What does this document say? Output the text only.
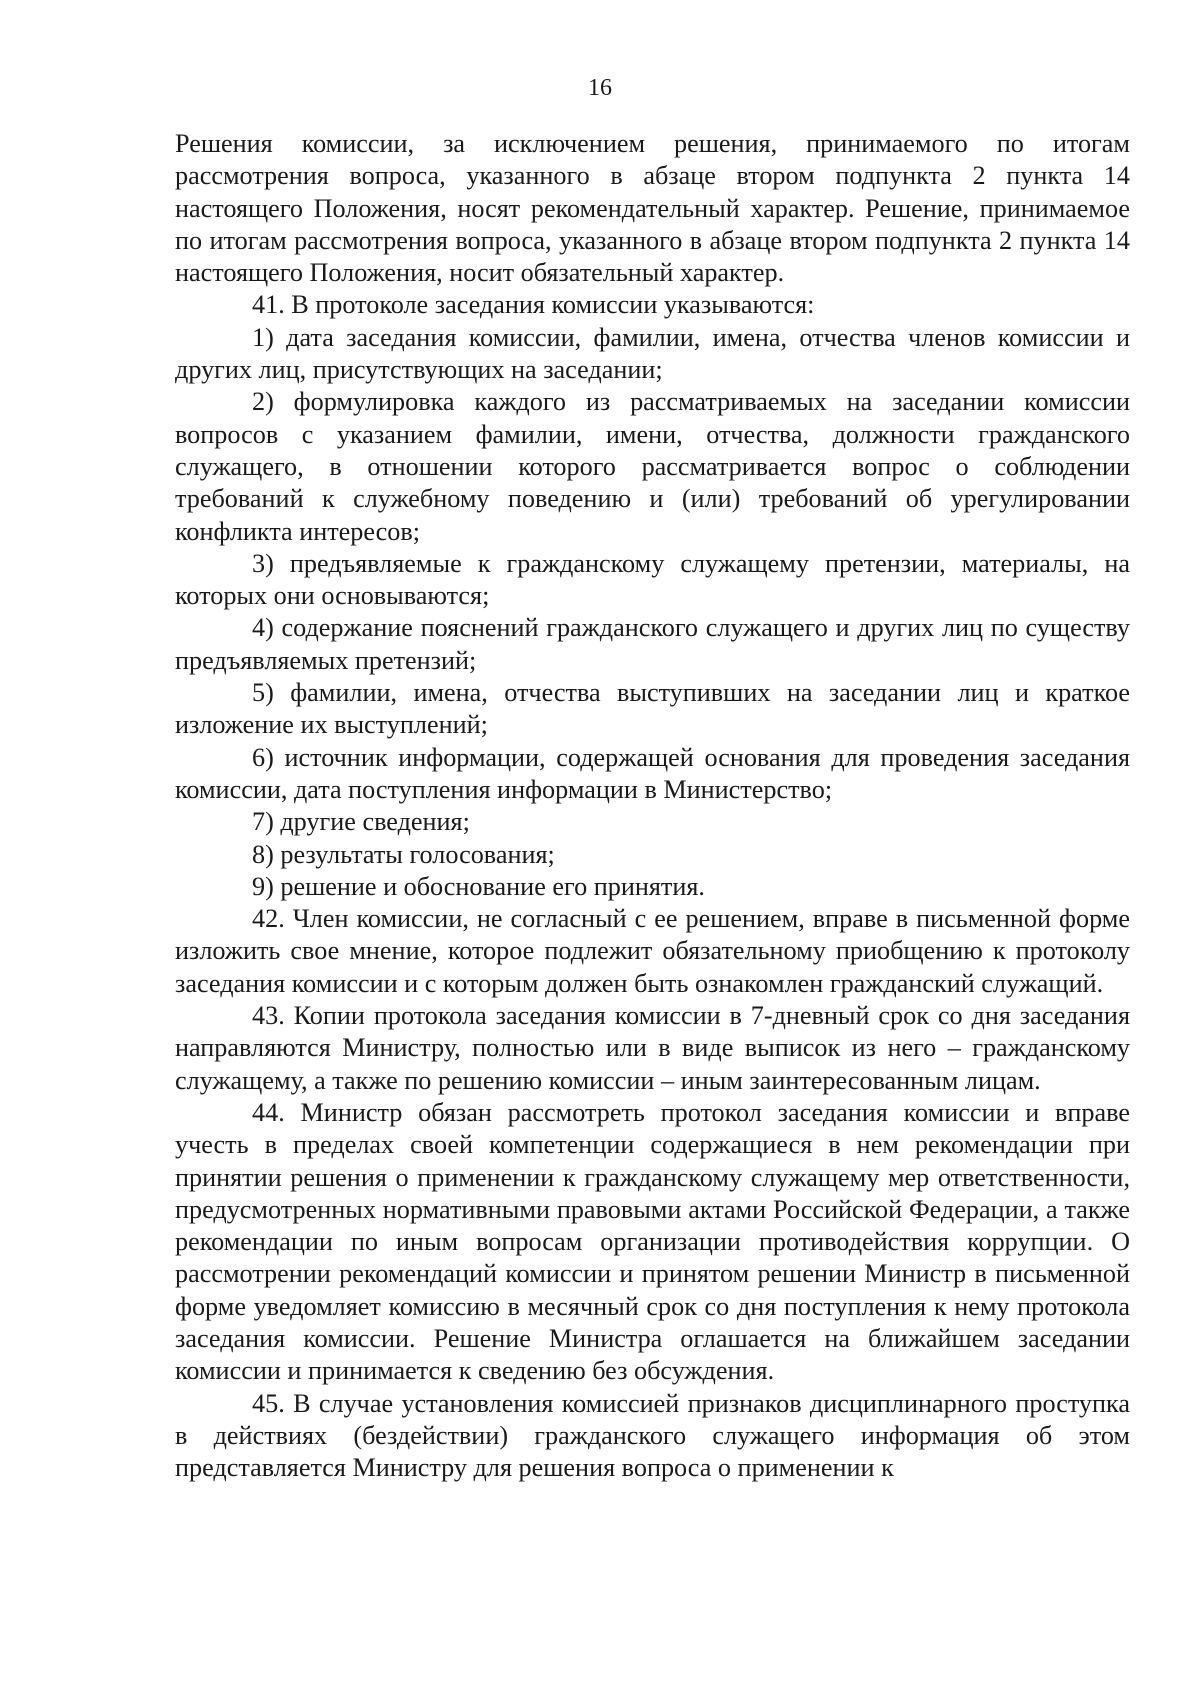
16

Решения комиссии, за исключением решения, принимаемого по итогам рассмотрения вопроса, указанного в абзаце втором подпункта 2 пункта 14 настоящего Положения, носят рекомендательный характер. Решение, принимаемое по итогам рассмотрения вопроса, указанного в абзаце втором подпункта 2 пункта 14 настоящего Положения, носит обязательный характер.

41. В протоколе заседания комиссии указываются:

1) дата заседания комиссии, фамилии, имена, отчества членов комиссии и других лиц, присутствующих на заседании;

2) формулировка каждого из рассматриваемых на заседании комиссии вопросов с указанием фамилии, имени, отчества, должности гражданского служащего, в отношении которого рассматривается вопрос о соблюдении требований к служебному поведению и (или) требований об урегулировании конфликта интересов;

3) предъявляемые к гражданскому служащему претензии, материалы, на которых они основываются;

4) содержание пояснений гражданского служащего и других лиц по существу предъявляемых претензий;

5) фамилии, имена, отчества выступивших на заседании лиц и краткое изложение их выступлений;

6) источник информации, содержащей основания для проведения заседания комиссии, дата поступления информации в Министерство;

7) другие сведения;

8) результаты голосования;

9) решение и обоснование его принятия.

42. Член комиссии, не согласный с ее решением, вправе в письменной форме изложить свое мнение, которое подлежит обязательному приобщению к протоколу заседания комиссии и с которым должен быть ознакомлен гражданский служащий.

43. Копии протокола заседания комиссии в 7-дневный срок со дня заседания направляются Министру, полностью или в виде выписок из него – гражданскому служащему, а также по решению комиссии – иным заинтересованным лицам.

44. Министр обязан рассмотреть протокол заседания комиссии и вправе учесть в пределах своей компетенции содержащиеся в нем рекомендации при принятии решения о применении к гражданскому служащему мер ответственности, предусмотренных нормативными правовыми актами Российской Федерации, а также рекомендации по иным вопросам организации противодействия коррупции. О рассмотрении рекомендаций комиссии и принятом решении Министр в письменной форме уведомляет комиссию в месячный срок со дня поступления к нему протокола заседания комиссии. Решение Министра оглашается на ближайшем заседании комиссии и принимается к сведению без обсуждения.

45. В случае установления комиссией признаков дисциплинарного проступка в действиях (бездействии) гражданского служащего информация об этом представляется Министру для решения вопроса о применении к
